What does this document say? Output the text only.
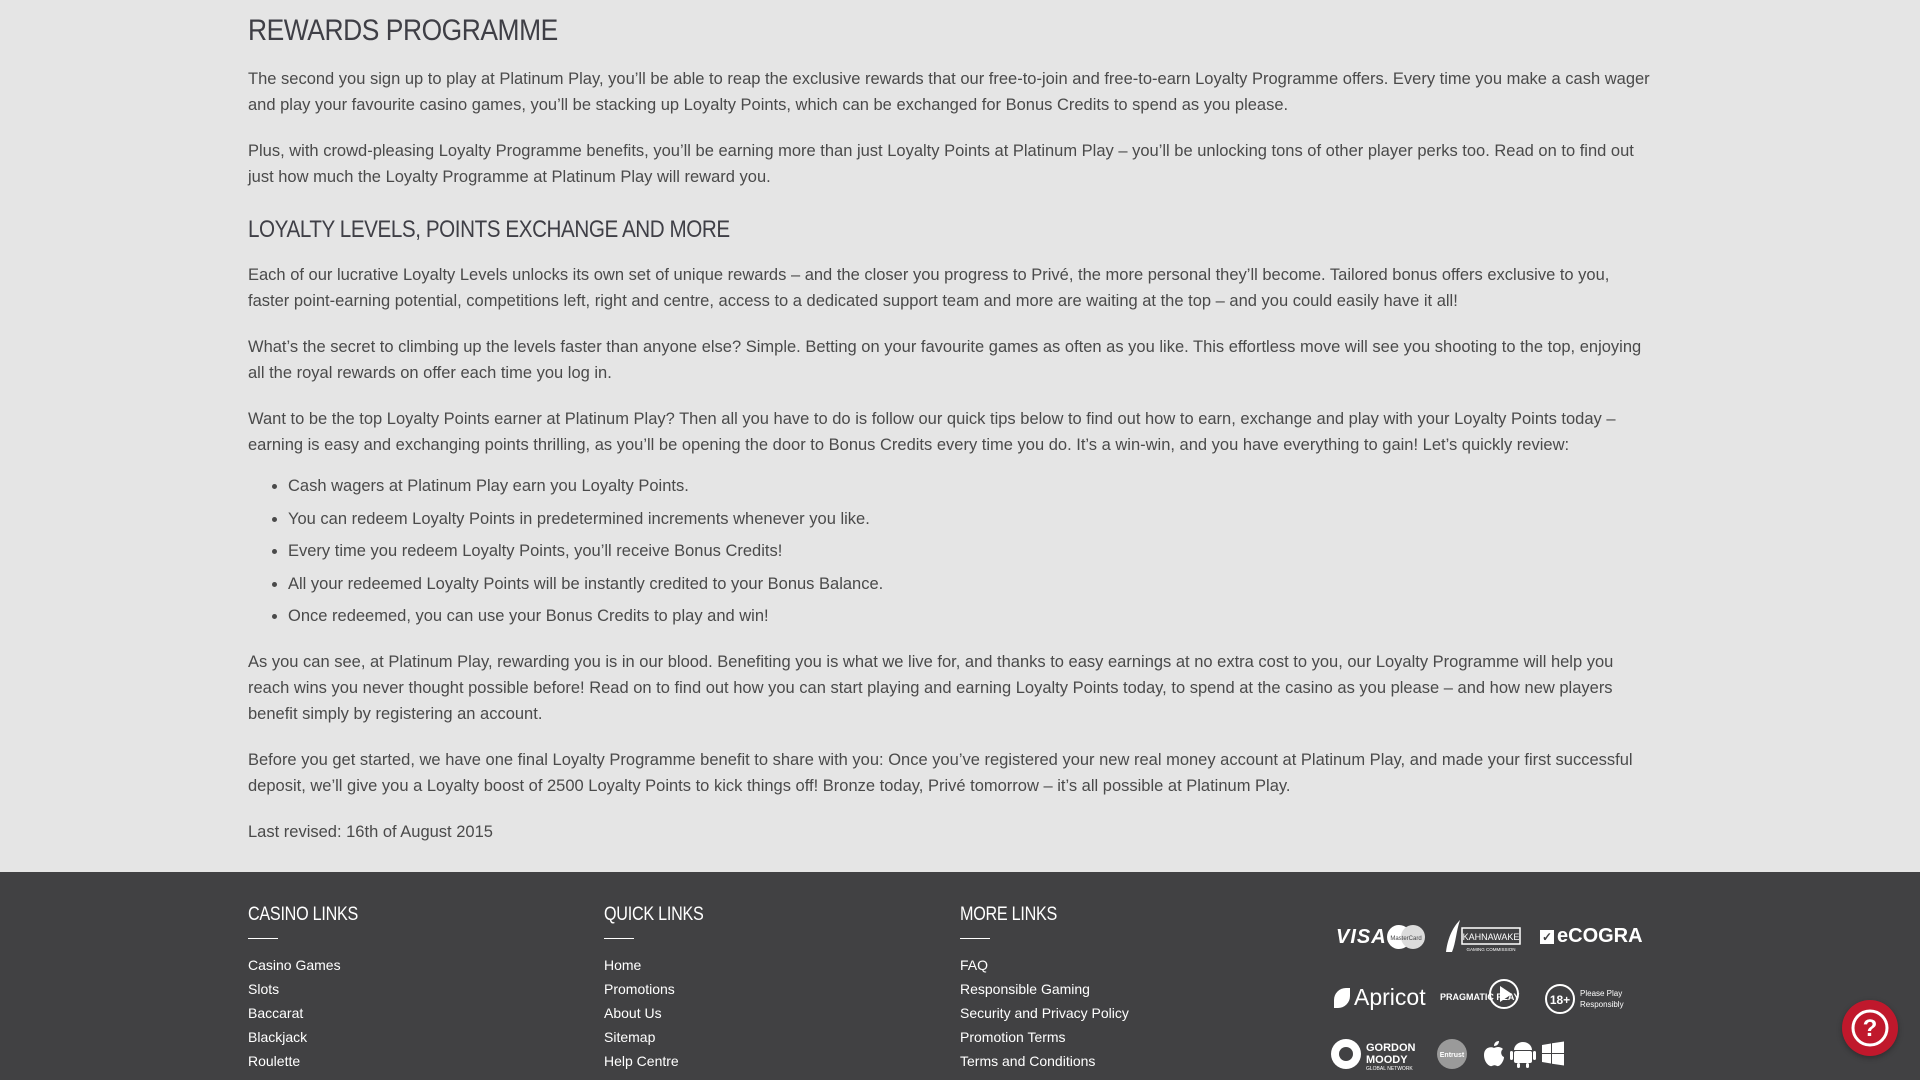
REWARDS PROGRAMME

The second you sign up to play at Platinum Play, you’ll be able to reap the exclusive rewards that our free-to-join and free-to-earn Loyalty Programme offers. Every time you make a cash wager and play your favourite casino games, you’ll be stacking up Loyalty Points, which can be exchanged for Bonus Credits to spend as you please.

Plus, with crowd-pleasing Loyalty Programme benefits, you’ll be earning more than just Loyalty Points at Platinum Play – you’ll be unlocking tons of other player perks too. Read on to find out just how much the Loyalty Programme at Platinum Play will reward you.

LOYALTY LEVELS, POINTS EXCHANGE AND MORE

Each of our lucrative Loyalty Levels unlocks its own set of unique rewards – and the closer you progress to Privé, the more personal they’ll become. Tailored bonus offers exclusive to you, faster point-earning potential, competitions left, right and centre, access to a dedicated support team and more are waiting at the top – and you could easily have it all!

What’s the secret to climbing up the levels faster than anyone else? Simple. Betting on your favourite games as often as you like. This effortless move will see you shooting to the top, enjoying all the royal rewards on offer each time you log in.

Want to be the top Loyalty Points earner at Platinum Play? Then all you have to do is follow our quick tips below to find out how to earn, exchange and play with your Loyalty Points today – earning is easy and exchanging points thrilling, as you’ll be opening the door to Bonus Credits every time you do. It’s a win-win, and you have everything to gain! Let’s quickly review:

• Cash wagers at Platinum Play earn you Loyalty Points.
• You can redeem Loyalty Points in predetermined increments whenever you like.
• Every time you redeem Loyalty Points, you’ll receive Bonus Credits!
• All your redeemed Loyalty Points will be instantly credited to your Bonus Balance.
• Once redeemed, you can use your Bonus Credits to play and win!

As you can see, at Platinum Play, rewarding you is in our blood. Benefiting you is what we live for, and thanks to easy earnings at no extra cost to you, our Loyalty Programme will help you reach wins you never thought possible before! Read on to find out how you can start playing and earning Loyalty Points today, to spend at the casino as you please – and how new players benefit simply by registering an account.

Before you get started, we have one final Loyalty Programme benefit to share with you: Once you’ve registered your new real money account at Platinum Play, and made your first successful deposit, we’ll give you a Loyalty boost of 2500 Loyalty Points to kick things off! Bronze today, Privé tomorrow – it’s all possible at Platinum Play.

Last revised: 16th of August 2015

CASINO LINKS
Casino Games
Slots
Baccarat
Blackjack
Roulette
QUICK LINKS
Home
Promotions
About Us
Sitemap
Help Centre
MORE LINKS
FAQ
Responsible Gaming
Security and Privacy Policy
Promotion Terms
Terms and Conditions
VISA MasterCard	KAHNAWAKE
GAMING COMMISSION
✓ eCOGRA
Apricot PRAGMATIC PLAY	18+ Please Play
Responsibly
GORDON
MOODY
GLOBAL NETWORK
Entrust
?
